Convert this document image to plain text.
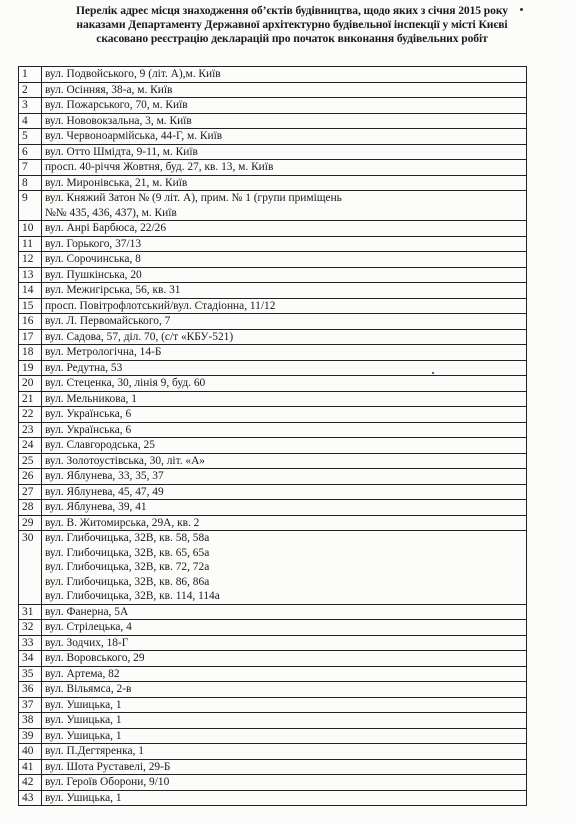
Перелік адрес місця знаходження об’єктів будівництва, щодо яких з січня 2015 року
наказами Департаменту Державної архітектурно будівельної інспекції у місті Києві
скасовано реєстрацію декларацій про початок виконання будівельних робіт
1	вул. Подвойського, 9 (літ. А),м. Київ

2	вул. Осінняя, 38-а, м. Київ

3	вул. Пожарського, 70, м. Київ

4	вул. Нововокзальна, 3, м. Київ

5	вул. Червоноармійська, 44-Г, м. Київ

6	вул. Отто Шмідта, 9-11, м. Київ

7	просп. 40-річчя Жовтня, буд. 27, кв. 13, м. Київ

8	вул. Миронівська, 21, м. Київ

9	вул. Княжий Затон № (9 літ. А), прим. № 1 (групи приміщень
№№ 435, 436, 437), м. Київ

10	вул. Анрі Барбюса, 22/26

11	вул. Горького, 37/13

12	вул. Сорочинська, 8

13	вул. Пушкінська, 20

14	вул. Межигірська, 56, кв. 31

15	просп. Повітрофлотський/вул. Стадіонна, 11/12

16	вул. Л. Первомайського, 7

17	вул. Садова, 57, діл. 70, (с/т «КБУ-521)

18	вул. Метрологічна, 14-Б

19	вул. Редутна, 53

20	вул. Стеценка, 30, лінія 9, буд. 60

21	вул. Мельникова, 1

22	вул. Українська, 6

23	вул. Українська, 6

24	вул. Славгородська, 25

25	вул. Золотоустівська, 30, літ. «А»

26	вул. Яблунева, 33, 35, 37

27	вул. Яблунева, 45, 47, 49

28	вул. Яблунева, 39, 41

29	вул. В. Житомирська, 29А, кв. 2

30	вул. Глибочицька, 32В, кв. 58, 58а
вул. Глибочицька, 32В, кв. 65, 65а
вул. Глибочицька, 32В, кв. 72, 72а
вул. Глибочицька, 32В, кв. 86, 86а
вул. Глибочицька, 32В, кв. 114, 114а

31	вул. Фанерна, 5А

32	вул. Стрілецька, 4

33	вул. Зодчих, 18-Г

34	вул. Воровського, 29

35	вул. Артема, 82

36	вул. Вільямса, 2-в

37	вул. Ушицька, 1

38	вул. Ушицька, 1

39	вул. Ушицька, 1

40	вул. П.Дегтяренка, 1

41	вул. Шота Руставелі, 29-Б

42	вул. Героїв Оборони, 9/10

43	вул. Ушицька, 1
